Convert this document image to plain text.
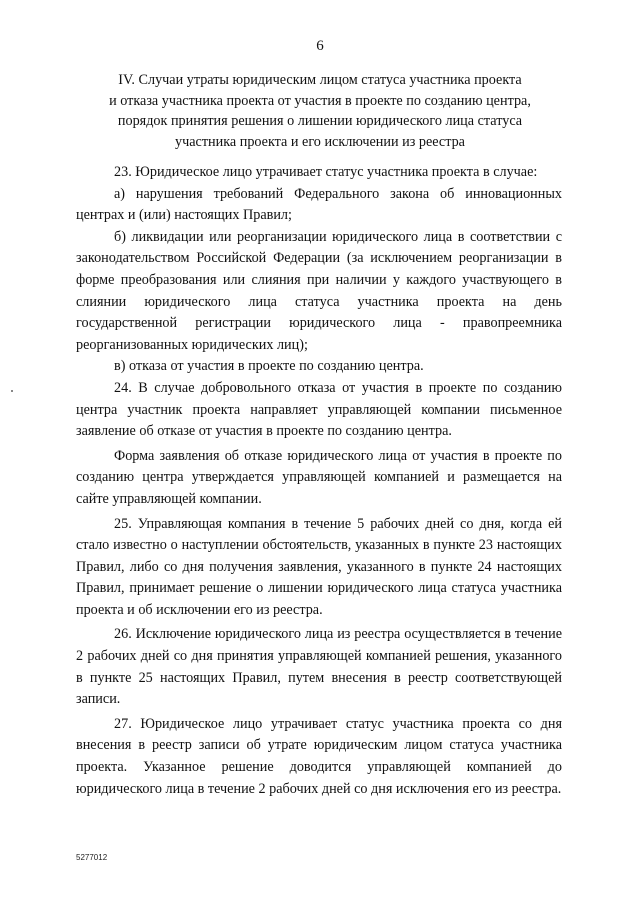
6
IV. Случаи утраты юридическим лицом статуса участника проекта
и отказа участника проекта от участия в проекте по созданию центра,
порядок принятия решения о лишении юридического лица статуса
участника проекта и его исключении из реестра

23. Юридическое лицо утрачивает статус участника проекта в случае:

а) нарушения требований Федерального закона об инновационных центрах и (или) настоящих Правил;

б) ликвидации или реорганизации юридического лица в соответствии с законодательством Российской Федерации (за исключением реорганизации в форме преобразования или слияния при наличии у каждого участвующего в слиянии юридического лица статуса участника проекта на день государственной регистрации юридического лица - правопреемника реорганизованных юридических лиц);

в) отказа от участия в проекте по созданию центра.

24. В случае добровольного отказа от участия в проекте по созданию центра участник проекта направляет управляющей компании письменное заявление об отказе от участия в проекте по созданию центра.

Форма заявления об отказе юридического лица от участия в проекте по созданию центра утверждается управляющей компанией и размещается на сайте управляющей компании.

25. Управляющая компания в течение 5 рабочих дней со дня, когда ей стало известно о наступлении обстоятельств, указанных в пункте 23 настоящих Правил, либо со дня получения заявления, указанного в пункте 24 настоящих Правил, принимает решение о лишении юридического лица статуса участника проекта и об исключении его из реестра.

26. Исключение юридического лица из реестра осуществляется в течение 2 рабочих дней со дня принятия управляющей компанией решения, указанного в пункте 25 настоящих Правил, путем внесения в реестр соответствующей записи.

27. Юридическое лицо утрачивает статус участника проекта со дня внесения в реестр записи об утрате юридическим лицом статуса участника проекта. Указанное решение доводится управляющей компанией до юридического лица в течение 2 рабочих дней со дня исключения его из реестра.

5277012
